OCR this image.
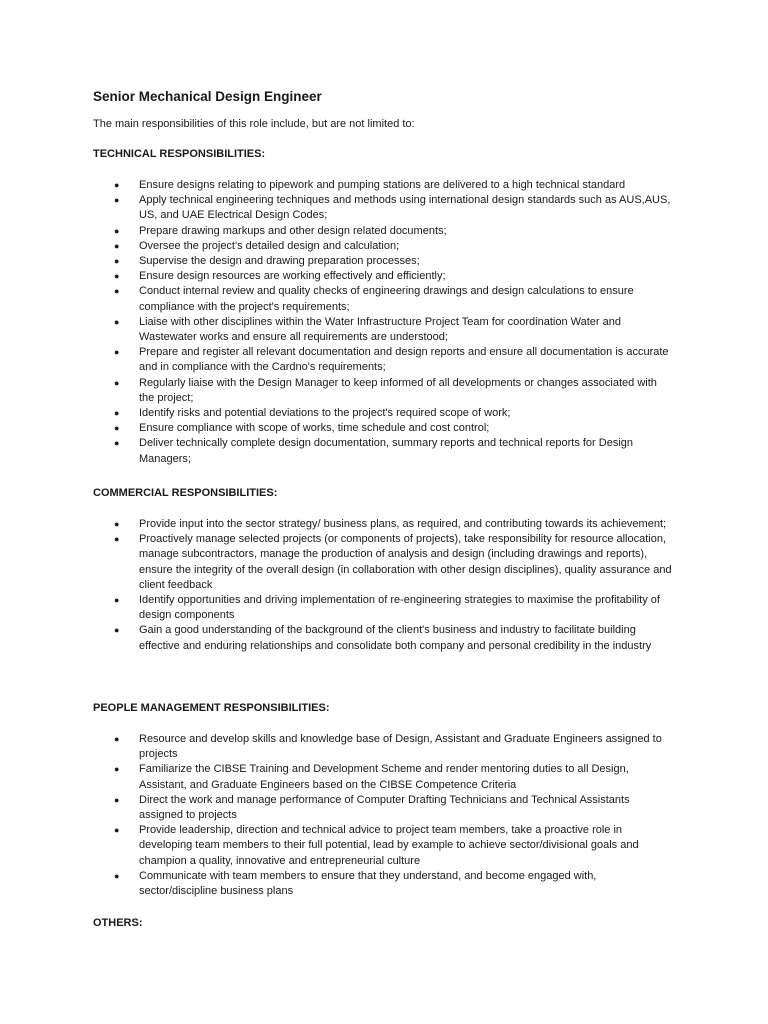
Senior Mechanical Design Engineer

The main responsibilities of this role include, but are not limited to:

TECHNICAL RESPONSIBILITIES:
● Ensure designs relating to pipework and pumping stations are delivered to a high technical standard
● Apply technical engineering techniques and methods using international design standards such as AUS,AUS, US, and UAE Electrical Design Codes;
● Prepare drawing markups and other design related documents;
● Oversee the project's detailed design and calculation;
● Supervise the design and drawing preparation processes;
● Ensure design resources are working effectively and efficiently;
● Conduct internal review and quality checks of engineering drawings and design calculations to ensure compliance with the project's requirements;
● Liaise with other disciplines within the Water Infrastructure Project Team for coordination Water and Wastewater works and ensure all requirements are understood;
● Prepare and register all relevant documentation and design reports and ensure all documentation is accurate and in compliance with the Cardno's requirements;
● Regularly liaise with the Design Manager to keep informed of all developments or changes associated with the project;
● Identify risks and potential deviations to the project's required scope of work;
● Ensure compliance with scope of works, time schedule and cost control;
● Deliver technically complete design documentation, summary reports and technical reports for Design Managers;
COMMERCIAL RESPONSIBILITIES:
● Provide input into the sector strategy/ business plans, as required, and contributing towards its achievement;
● Proactively manage selected projects (or components of projects), take responsibility for resource allocation, manage subcontractors, manage the production of analysis and design (including drawings and reports), ensure the integrity of the overall design (in collaboration with other design disciplines), quality assurance and client feedback
● Identify opportunities and driving implementation of re-engineering strategies to maximise the profitability of design components
● Gain a good understanding of the background of the client's business and industry to facilitate building effective and enduring relationships and consolidate both company and personal credibility in the industry
PEOPLE MANAGEMENT RESPONSIBILITIES:
● Resource and develop skills and knowledge base of Design, Assistant and Graduate Engineers assigned to projects
● Familiarize the CIBSE Training and Development Scheme and render mentoring duties to all Design, Assistant, and Graduate Engineers based on the CIBSE Competence Criteria
● Direct the work and manage performance of Computer Drafting Technicians and Technical Assistants assigned to projects
● Provide leadership, direction and technical advice to project team members, take a proactive role in developing team members to their full potential, lead by example to achieve sector/divisional goals and champion a quality, innovative and entrepreneurial culture
● Communicate with team members to ensure that they understand, and become engaged with, sector/discipline business plans
OTHERS:
